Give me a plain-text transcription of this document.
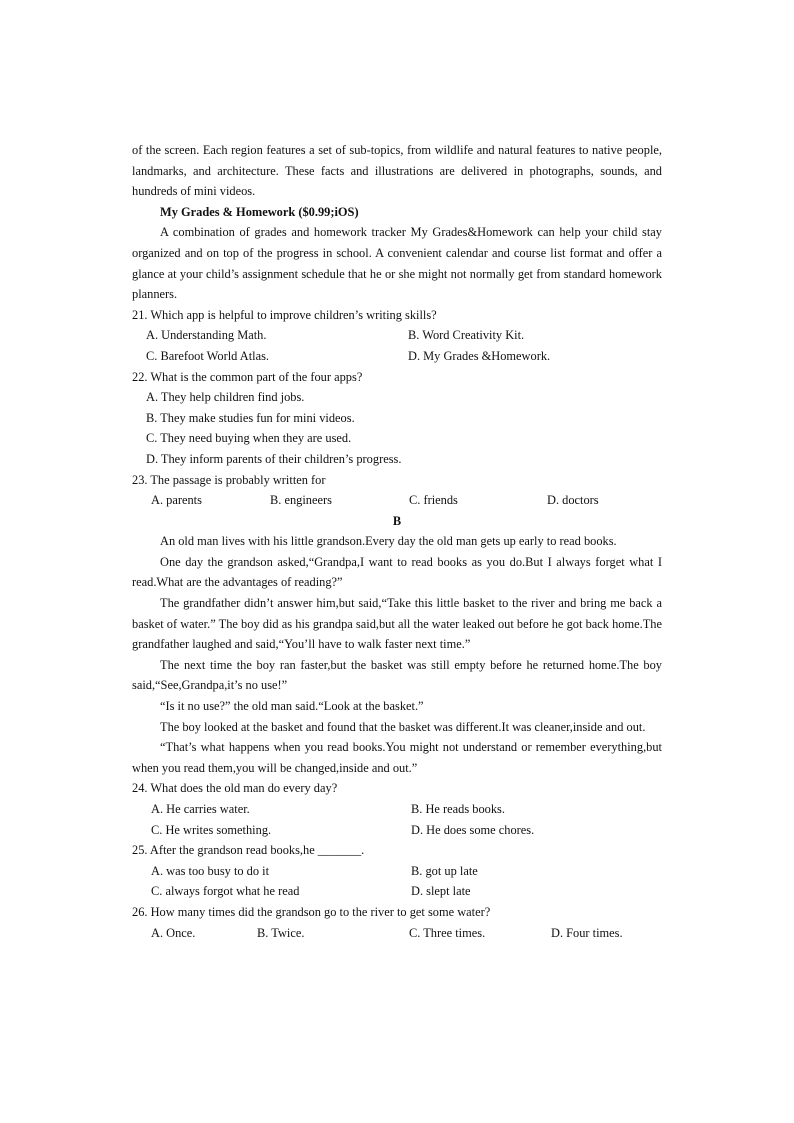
of the screen. Each region features a set of sub-topics, from wildlife and natural features to native people, landmarks, and architecture. These facts and illustrations are delivered in photographs, sounds, and hundreds of mini videos.

My Grades & Homework ($0.99;iOS)

A combination of grades and homework tracker My Grades&Homework can help your child stay organized and on top of the progress in school. A convenient calendar and course list format and offer a glance at your child’s assignment schedule that he or she might not normally get from standard homework planners.

21. Which app is helpful to improve children’s writing skills?
A. Understanding Math.	B. Word Creativity Kit.
C. Barefoot World Atlas.	D. My Grades &Homework.
22. What is the common part of the four apps?
A. They help children find jobs.
B. They make studies fun for mini videos.
C. They need buying when they are used.
D. They inform parents of their children’s progress.
23. The passage is probably written for
A. parents	B. engineers	C. friends	D. doctors
B

An old man lives with his little grandson.Every day the old man gets up early to read books.

One day the grandson asked,“Grandpa,I want to read books as you do.But I always forget what I read.What are the advantages of reading?”

The grandfather didn’t answer him,but said,“Take this little basket to the river and bring me back a basket of water.” The boy did as his grandpa said,but all the water leaked out before he got back home.The grandfather laughed and said,“You’ll have to walk faster next time.”

The next time the boy ran faster,but the basket was still empty before he returned home.The boy said,“See,Grandpa,it’s no use!”

“Is it no use?” the old man said.“Look at the basket.”

The boy looked at the basket and found that the basket was different.It was cleaner,inside and out.

“That’s what happens when you read books.You might not understand or remember everything,but when you read them,you will be changed,inside and out.”

24. What does the old man do every day?
A. He carries water.	B. He reads books.
C. He writes something.	D. He does some chores.
25. After the grandson read books,he _______.
A. was too busy to do it	B. got up late
C. always forgot what he read	D. slept late
26. How many times did the grandson go to the river to get some water?
A. Once.	B. Twice.	C. Three times.	D. Four times.
